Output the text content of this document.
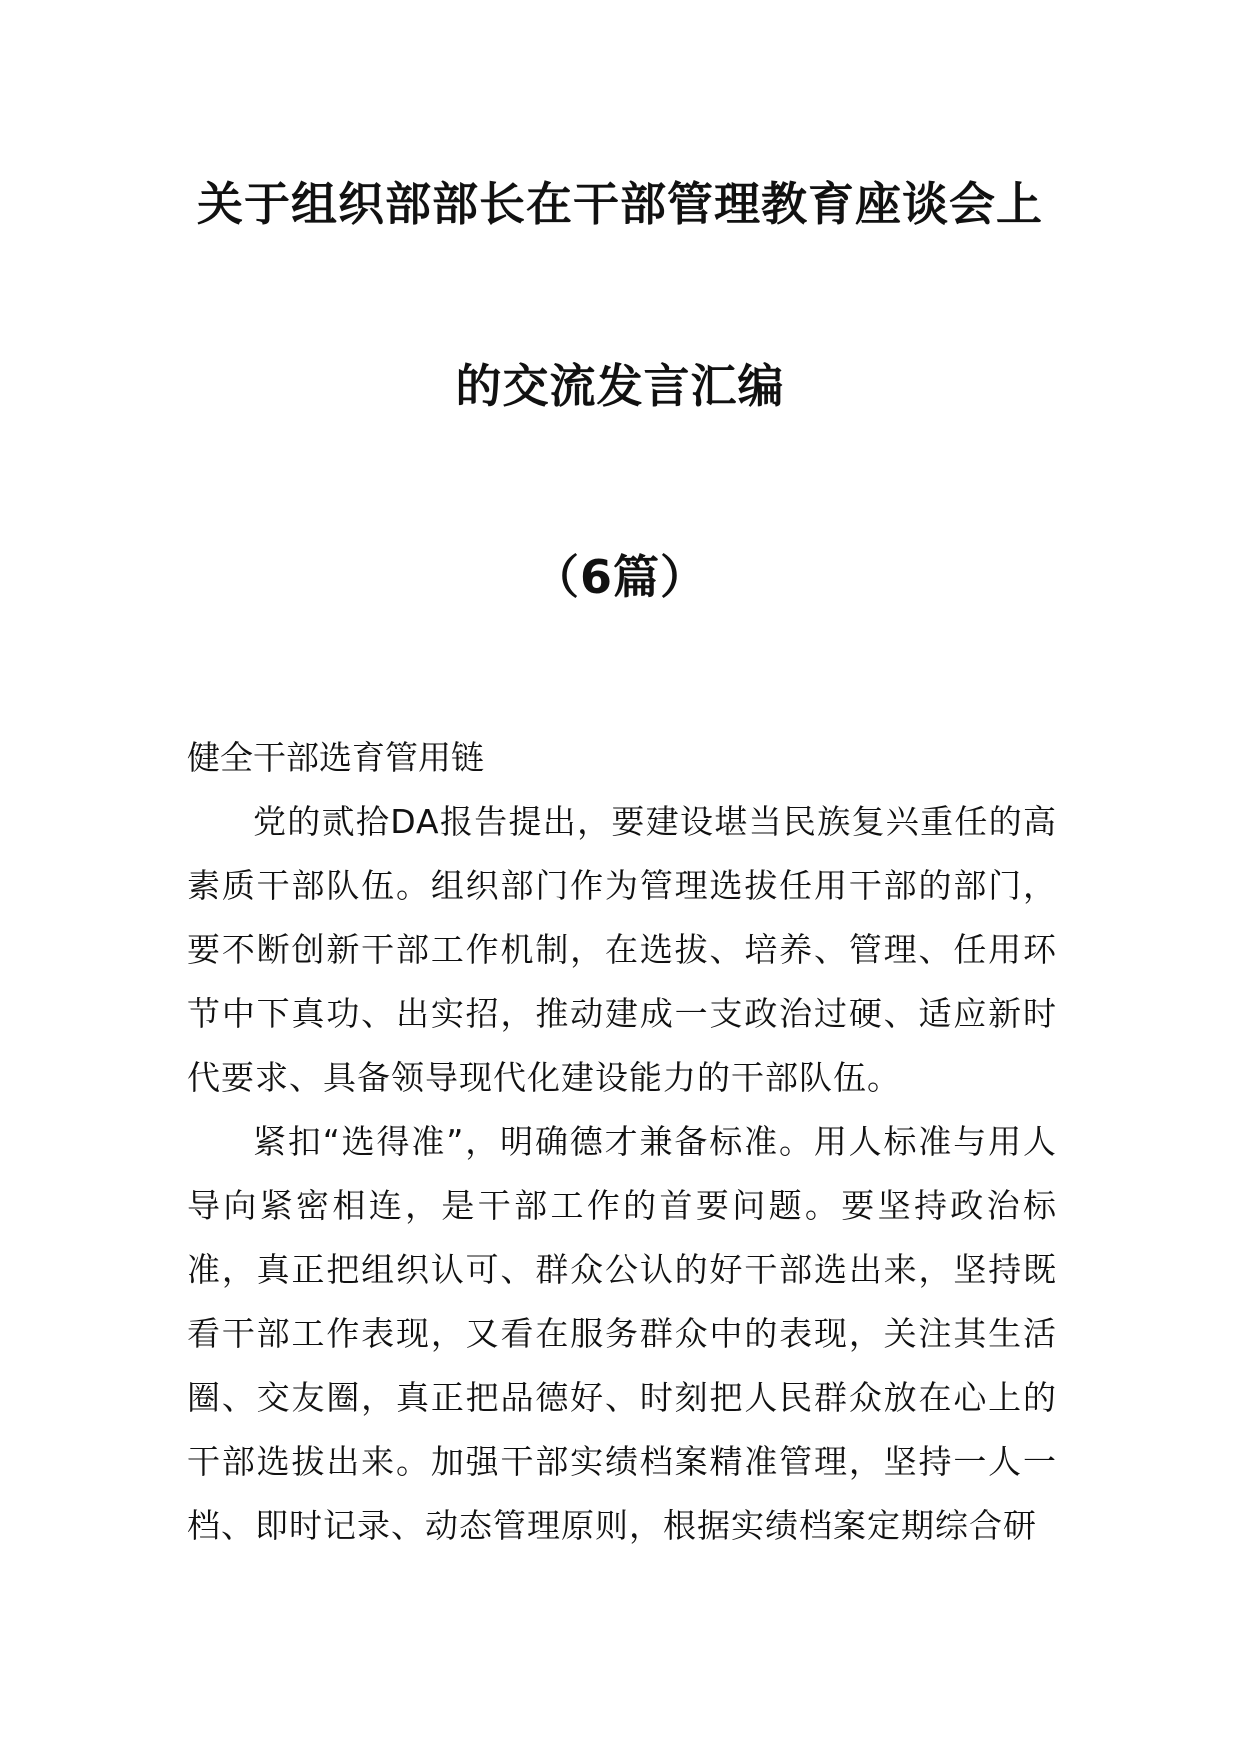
关于组织部部长在干部管理教育座谈会上
的交流发言汇编
（6篇）
健全干部选育管用链

党的贰拾DA报告提出，要建设堪当民族复兴重任的高素质干部队伍。组织部门作为管理选拔任用干部的部门，要不断创新干部工作机制，在选拔、培养、管理、任用环节中下真功、出实招，推动建成一支政治过硬、适应新时代要求、具备领导现代化建设能力的干部队伍。

紧扣“选得准”，明确德才兼备标准。用人标准与用人导向紧密相连，是干部工作的首要问题。要坚持政治标准，真正把组织认可、群众公认的好干部选出来，坚持既看干部工作表现，又看在服务群众中的表现，关注其生活圈、交友圈，真正把品德好、时刻把人民群众放在心上的干部选拔出来。加强干部实绩档案精准管理，坚持一人一档、即时记录、动态管理原则，根据实绩档案定期综合研
